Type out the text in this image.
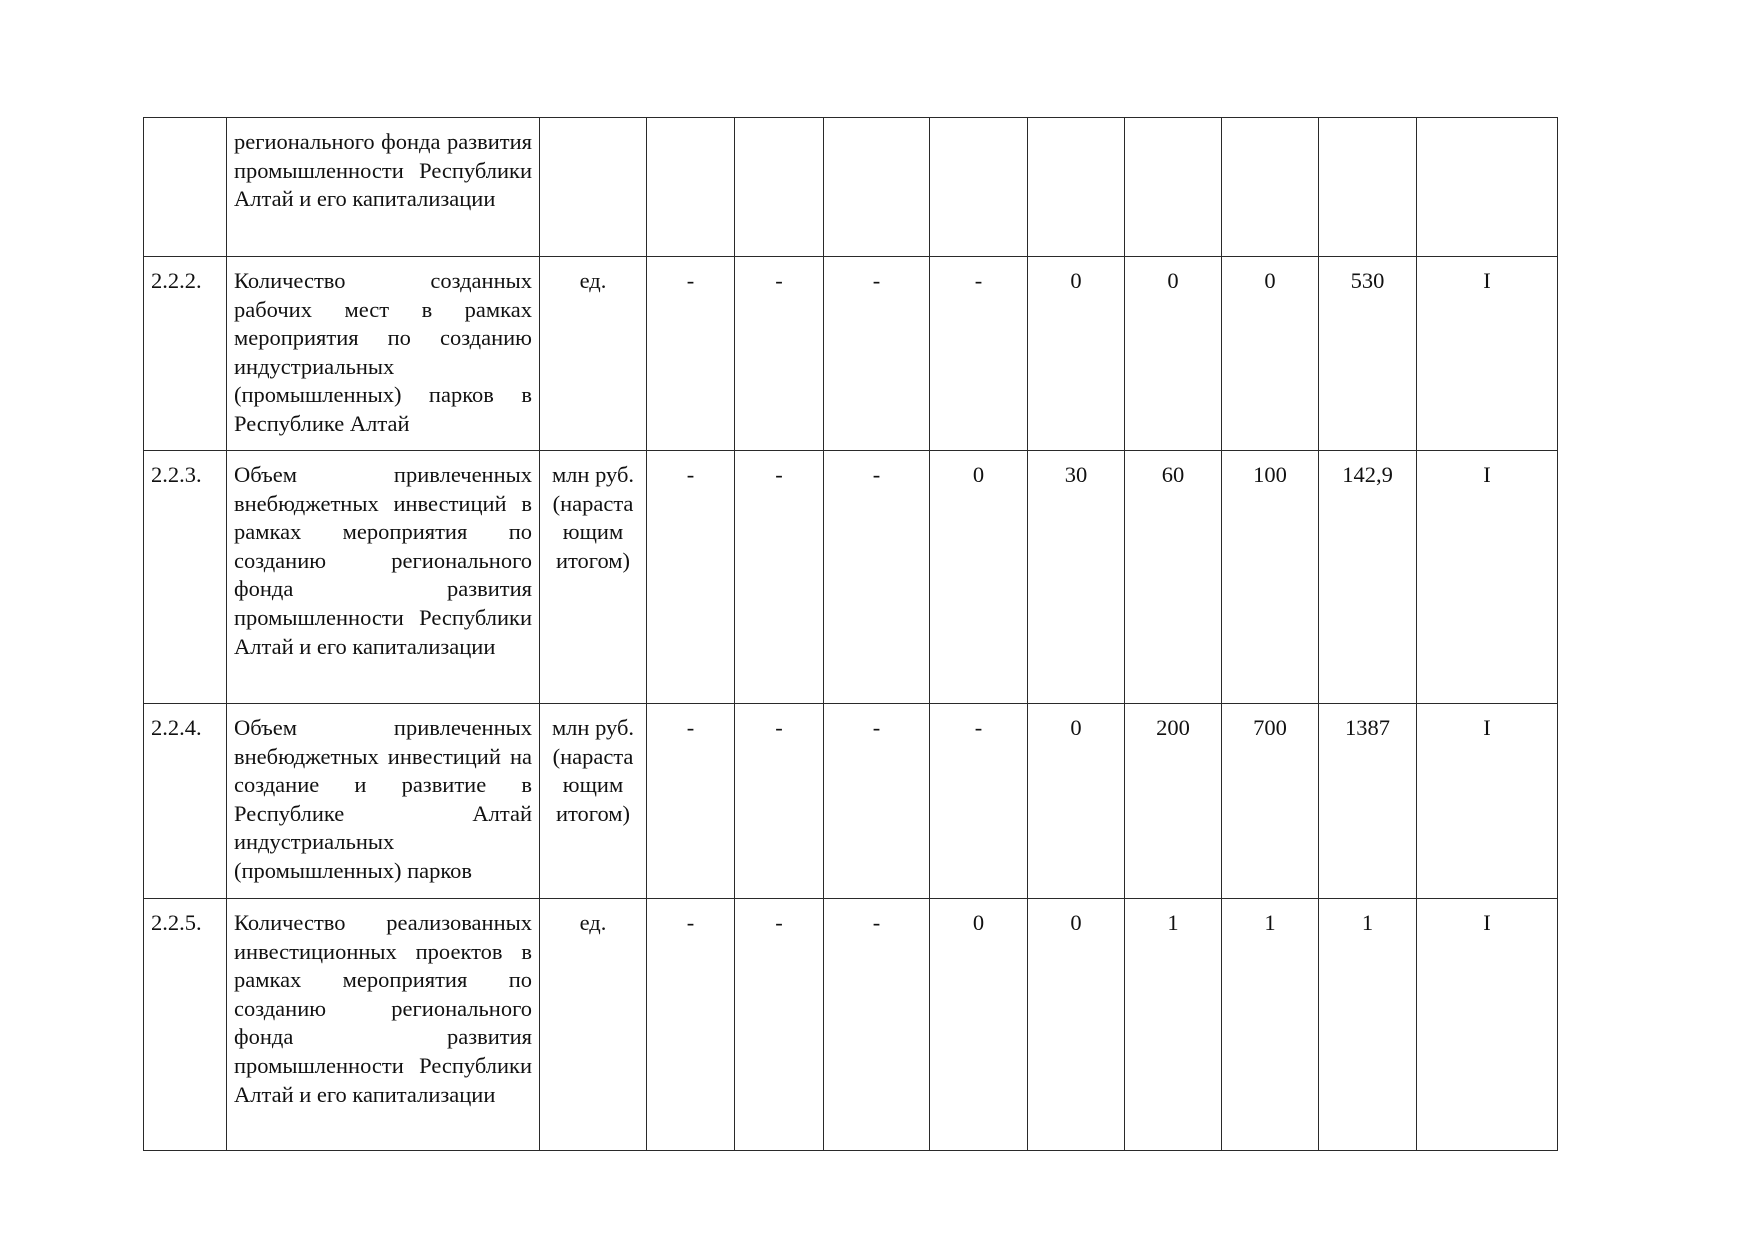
	регионального фонда развития промышленности Республики Алтай и его капитализации										
2.2.2.	Количество созданных рабочих мест в рамках мероприятия по созданию индустриальных (промышленных) парков в Республике Алтай	ед.	-	-	-	-	0	0	0	530	I
2.2.3.	Объем привлеченных внебюджетных инвестиций в рамках мероприятия по созданию регионального фонда развития промышленности Республики Алтай и его капитализации	млн руб. (нараста ющим итогом)	-	-	-	0	30	60	100	142,9	I
2.2.4.	Объем привлеченных внебюджетных инвестиций на создание и развитие в Республике Алтай индустриальных (промышленных) парков	млн руб. (нараста ющим итогом)	-	-	-	-	0	200	700	1387	I
2.2.5.	Количество реализованных инвестиционных проектов в рамках мероприятия по созданию регионального фонда развития промышленности Республики Алтай и его капитализации	ед.	-	-	-	0	0	1	1	1	I
